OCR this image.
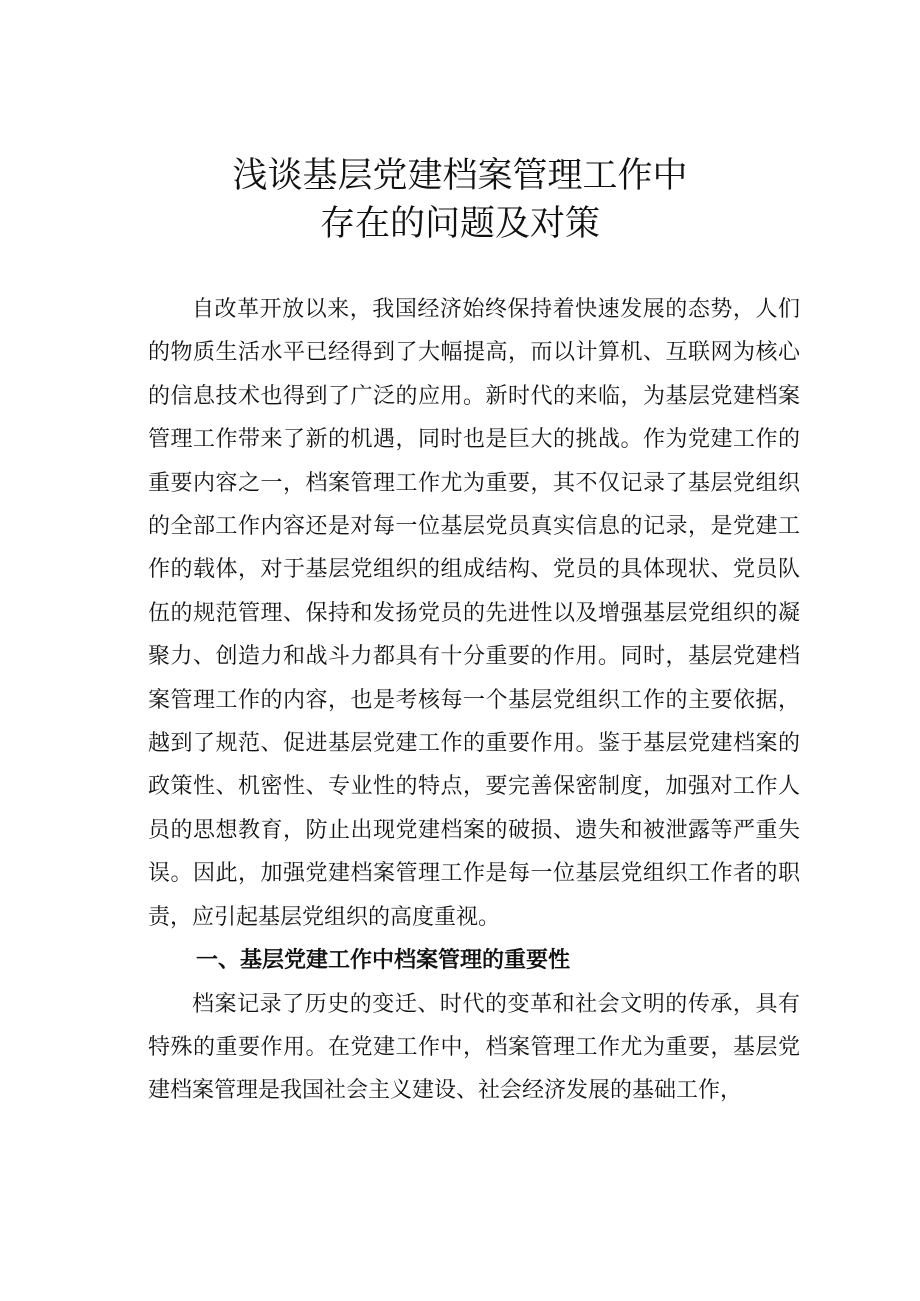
浅谈基层党建档案管理工作中
存在的问题及对策

自改革开放以来，我国经济始终保持着快速发展的态势，人们的物质生活水平已经得到了大幅提高，而以计算机、互联网为核心的信息技术也得到了广泛的应用。新时代的来临，为基层党建档案管理工作带来了新的机遇，同时也是巨大的挑战。作为党建工作的重要内容之一，档案管理工作尤为重要，其不仅记录了基层党组织的全部工作内容还是对每一位基层党员真实信息的记录，是党建工作的载体，对于基层党组织的组成结构、党员的具体现状、党员队伍的规范管理、保持和发扬党员的先进性以及增强基层党组织的凝聚力、创造力和战斗力都具有十分重要的作用。同时，基层党建档案管理工作的内容，也是考核每一个基层党组织工作的主要依据，越到了规范、促进基层党建工作的重要作用。鉴于基层党建档案的政策性、机密性、专业性的特点，要完善保密制度，加强对工作人员的思想教育，防止出现党建档案的破损、遗失和被泄露等严重失误。因此，加强党建档案管理工作是每一位基层党组织工作者的职责，应引起基层党组织的高度重视。

一、基层党建工作中档案管理的重要性

档案记录了历史的变迁、时代的变革和社会文明的传承，具有特殊的重要作用。在党建工作中，档案管理工作尤为重要，基层党建档案管理是我国社会主义建设、社会经济发展的基础工作，
